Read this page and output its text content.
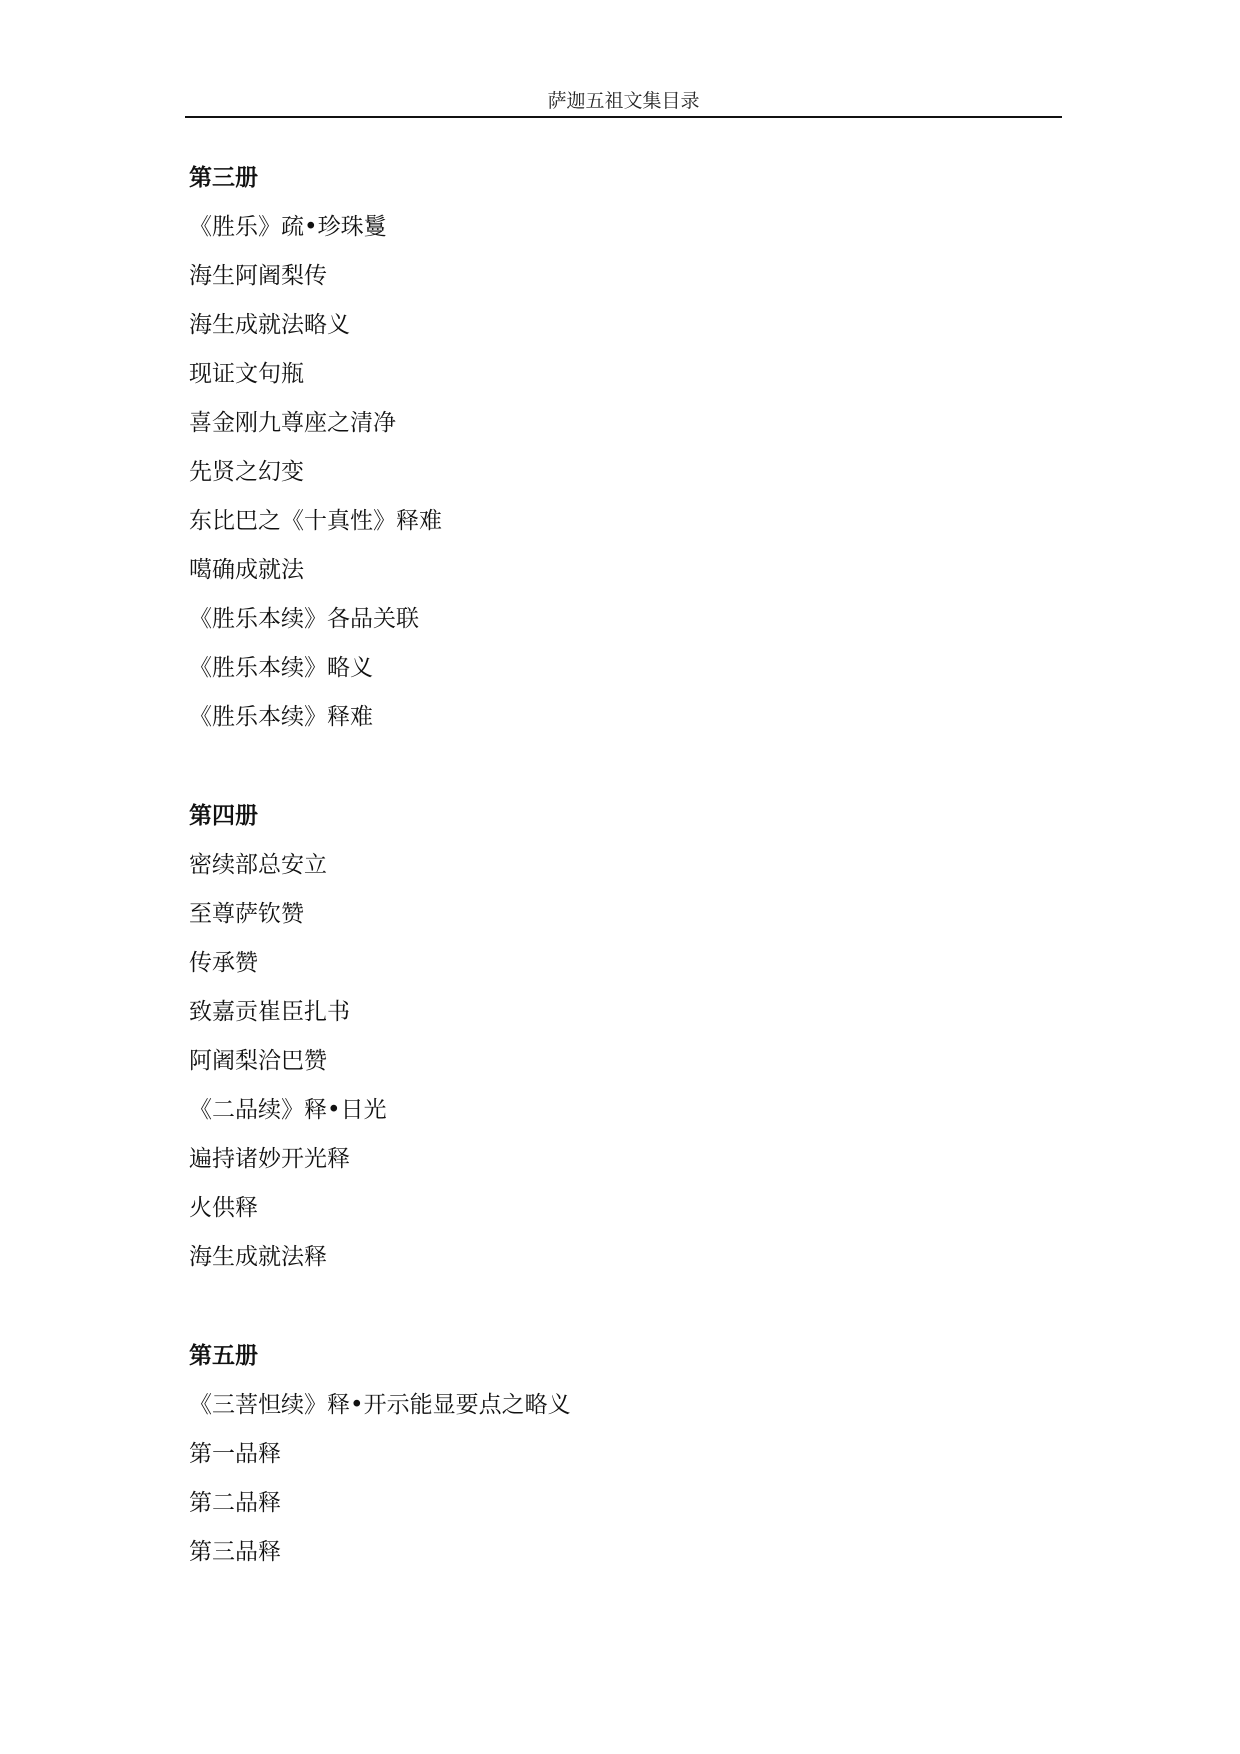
萨迦五祖文集目录
第三册
《胜乐》疏•珍珠鬘
海生阿阇梨传
海生成就法略义
现证文句瓶
喜金刚九尊座之清净
先贤之幻变
东比巴之《十真性》释难
噶确成就法
《胜乐本续》各品关联
《胜乐本续》略义
《胜乐本续》释难
第四册
密续部总安立
至尊萨钦赞
传承赞
致嘉贡崔臣扎书
阿阇梨洽巴赞
《二品续》释•日光
遍持诸妙开光释
火供释
海生成就法释
第五册
《三菩怛续》释•开示能显要点之略义
第一品释
第二品释
第三品释
